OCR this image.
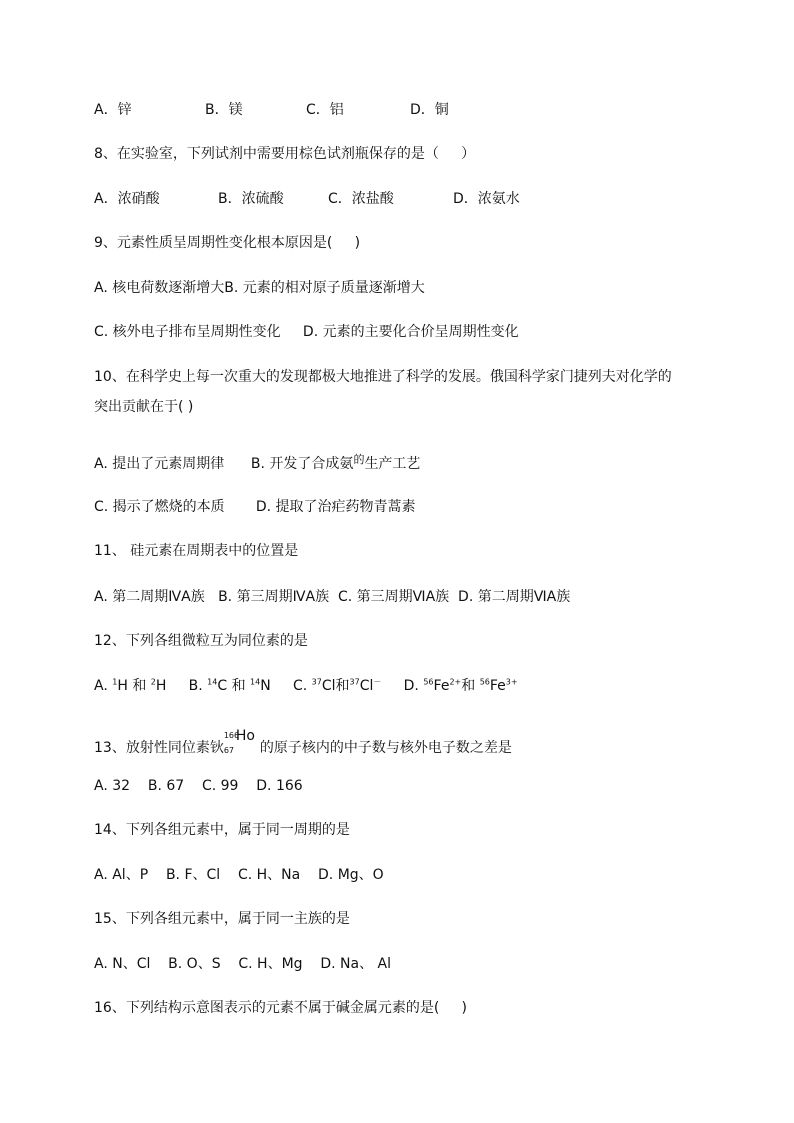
A．锌	B．镁	C．铝	D．铜
8、在实验室，下列试剂中需要用棕色试剂瓶保存的是（     ）
A．浓硝酸	B．浓硫酸	C．浓盐酸	D．浓氨水
9、元素性质呈周期性变化根本原因是(     )
A. 核电荷数逐渐增大B. 元素的相对原子质量逐渐增大
C. 核外电子排布呈周期性变化     D. 元素的主要化合价呈周期性变化
10、在科学史上每一次重大的发现都极大地推进了科学的发展。俄国科学家门捷列夫对化学的
突出贡献在于( )
A. 提出了元素周期律      B. 开发了合成氨$^的$生产工艺
C. 揭示了燃烧的本质       D. 提取了治疟药物青蒿素
11、 硅元素在周期表中的位置是
A. 第二周期ⅣA族   B. 第三周期ⅣA族  C. 第三周期ⅥA族  D. 第二周期ⅥA族
12、下列各组微粒互为同位素的是
A. $^1$H 和 $^2$H B. $^{14}$C 和 $^{14}$N C. $^{37}$Cl和$^{37}$Cl－ D. $^{56}Fe^{2+}$和 $^{56}Fe^{3+}$
13、放射性同位素钬
166
67
Ho
的原子核内的中子数与核外电子数之差是
A. 32    B. 67    C. 99    D. 166
14、下列各组元素中，属于同一周期的是
A. Al、P    B. F、Cl    C. H、Na    D. Mg、O
15、下列各组元素中，属于同一主族的是
A. N、Cl    B. O、S    C. H、Mg    D. Na、 Al
16、下列结构示意图表示的元素不属于碱金属元素的是(     )
